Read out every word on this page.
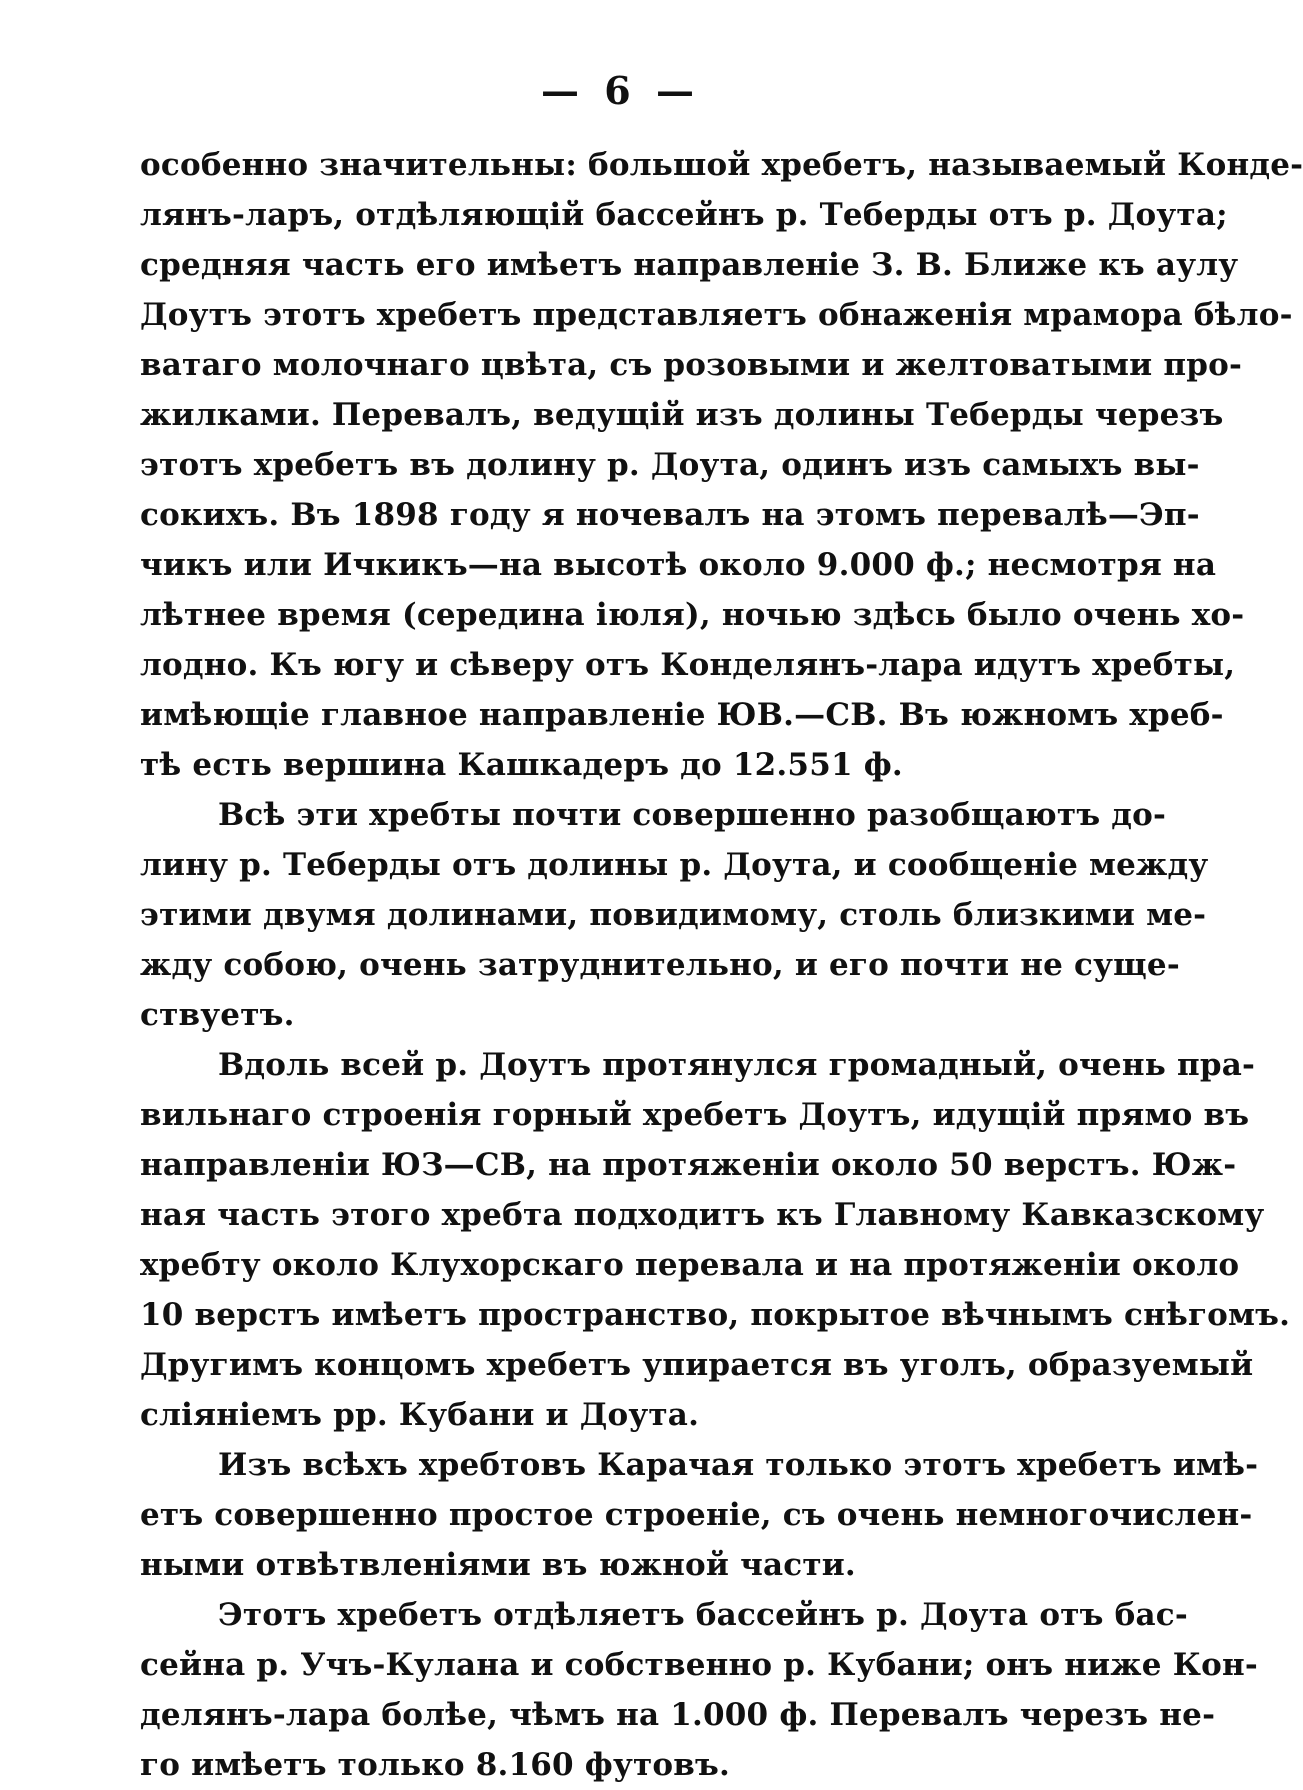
— 6 —
особенно значительны: большой хребетъ, называемый Конде-
лянъ-ларъ, отдѣляющій бассейнъ р. Теберды отъ р. Доута;
средняя часть его имѣетъ направленіе З. В. Ближе къ аулу
Доутъ этотъ хребетъ представляетъ обнаженія мрамора бѣло-
ватаго молочнаго цвѣта, съ розовыми и желтоватыми про-
жилками. Перевалъ, ведущій изъ долины Теберды черезъ
этотъ хребетъ въ долину р. Доута, одинъ изъ самыхъ вы-
сокихъ. Въ 1898 году я ночевалъ на этомъ перевалѣ—Эп-
чикъ или Ичкикъ—на высотѣ около 9.000 ф.; несмотря на
лѣтнее время (середина іюля), ночью здѣсь было очень хо-
лодно. Къ югу и сѣверу отъ Конделянъ-лара идутъ хребты,
имѣющіе главное направленіе ЮВ.—СВ. Въ южномъ хреб-
тѣ есть вершина Кашкадеръ до 12.551 ф.
Всѣ эти хребты почти совершенно разобщаютъ до-
лину р. Теберды отъ долины р. Доута, и сообщеніе между
этими двумя долинами, повидимому, столь близкими ме-
жду собою, очень затруднительно, и его почти не суще-
ствуетъ.
Вдоль всей р. Доутъ протянулся громадный, очень пра-
вильнаго строенія горный хребетъ Доутъ, идущій прямо въ
направленіи ЮЗ—СВ, на протяженіи около 50 верстъ. Юж-
ная часть этого хребта подходитъ къ Главному Кавказскому
хребту около Клухорскаго перевала и на протяженіи около
10 верстъ имѣетъ пространство, покрытое вѣчнымъ снѣгомъ.
Другимъ концомъ хребетъ упирается въ уголъ, образуемый
сліяніемъ рр. Кубани и Доута.
Изъ всѣхъ хребтовъ Карачая только этотъ хребетъ имѣ-
етъ совершенно простое строеніе, съ очень немногочислен-
ными отвѣтвленіями въ южной части.
Этотъ хребетъ отдѣляетъ бассейнъ р. Доута отъ бас-
сейна р. Учъ-Кулана и собственно р. Кубани; онъ ниже Кон-
делянъ-лара болѣе, чѣмъ на 1.000 ф. Перевалъ черезъ не-
го имѣетъ только 8.160 футовъ.
